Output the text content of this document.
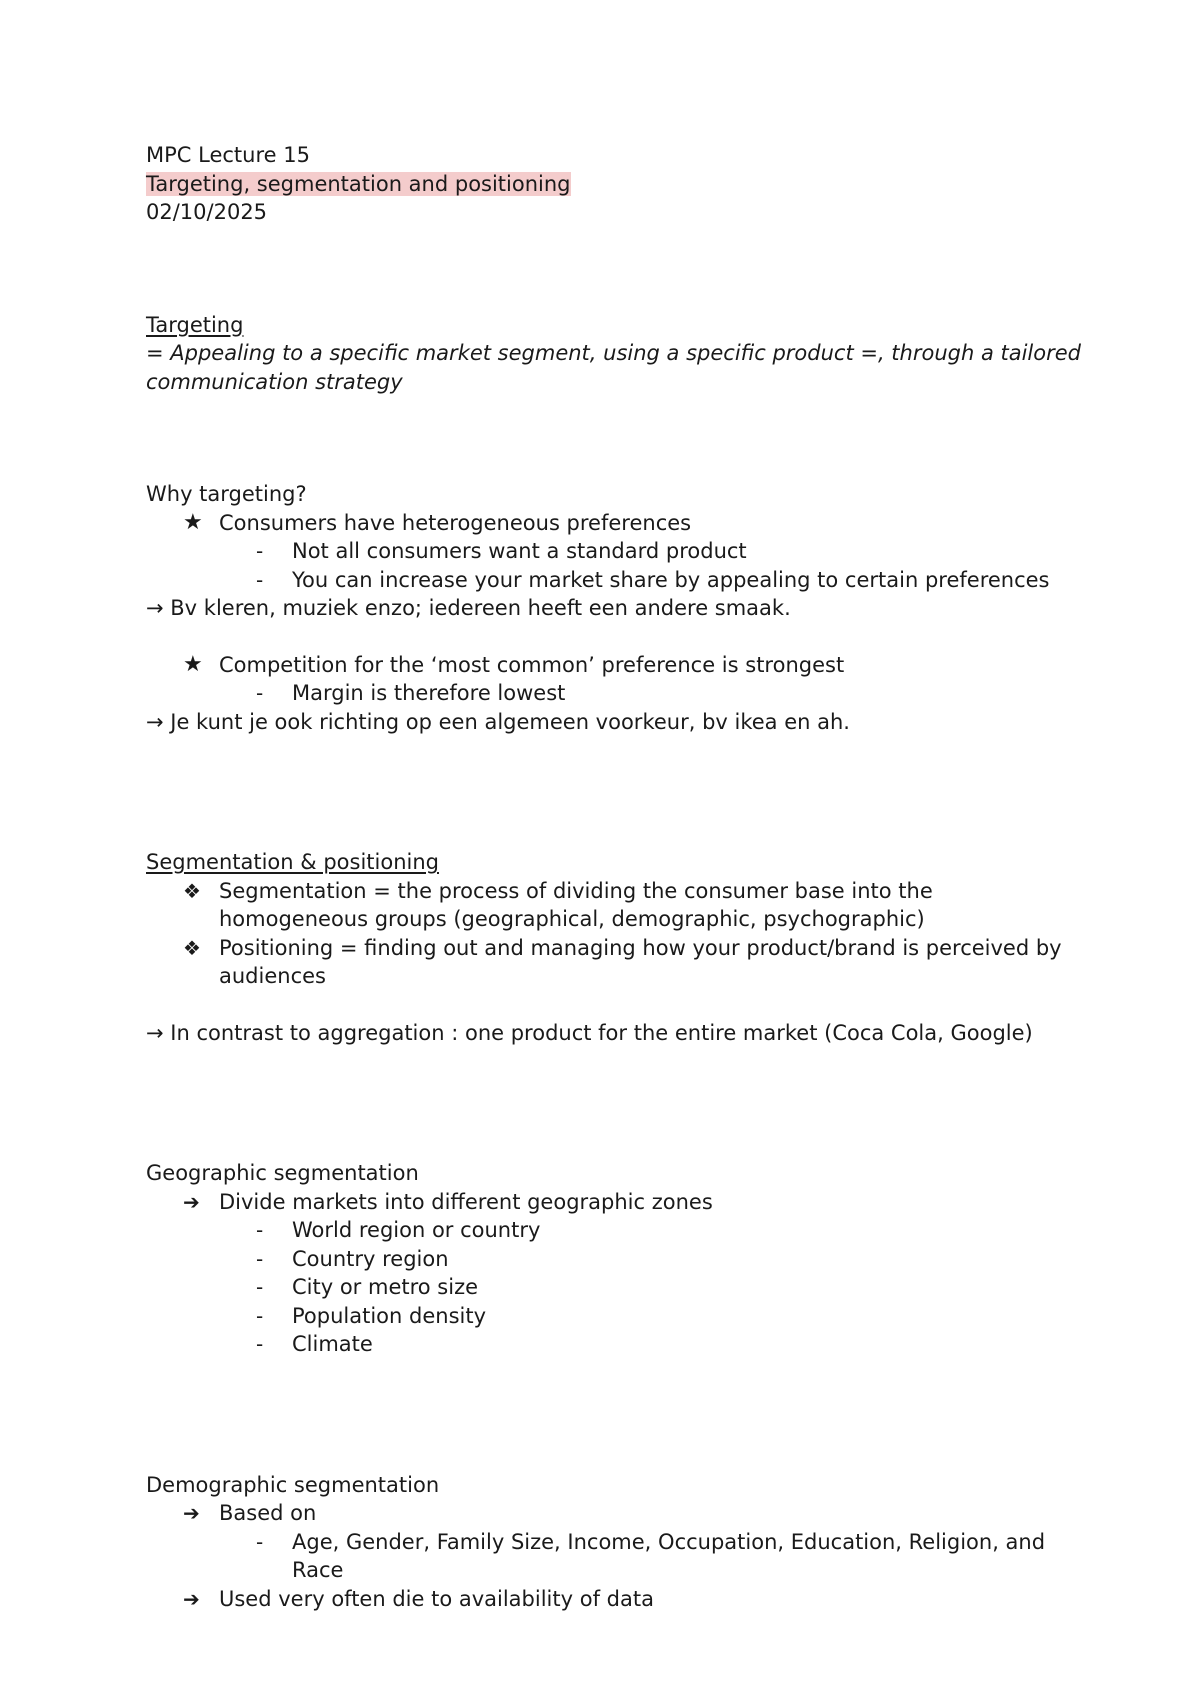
MPC Lecture 15
Targeting, segmentation and positioning
02/10/2025
Targeting
= Appealing to a specific market segment, using a specific product =, through a tailored communication strategy
Why targeting?
★ Consumers have heterogeneous preferences
- Not all consumers want a standard product
- You can increase your market share by appealing to certain preferences
→ Bv kleren, muziek enzo; iedereen heeft een andere smaak.
★ Competition for the ‘most common’ preference is strongest
- Margin is therefore lowest
→ Je kunt je ook richting op een algemeen voorkeur, bv ikea en ah.
Segmentation & positioning
❖ Segmentation = the process of dividing the consumer base into the homogeneous groups (geographical, demographic, psychographic)
❖ Positioning = finding out and managing how your product/brand is perceived by audiences
→ In contrast to aggregation : one product for the entire market (Coca Cola, Google)
Geographic segmentation
➔ Divide markets into different geographic zones
- World region or country
- Country region
- City or metro size
- Population density
- Climate
Demographic segmentation
➔ Based on
- Age, Gender, Family Size, Income, Occupation, Education, Religion, and Race
➔ Used very often die to availability of data
